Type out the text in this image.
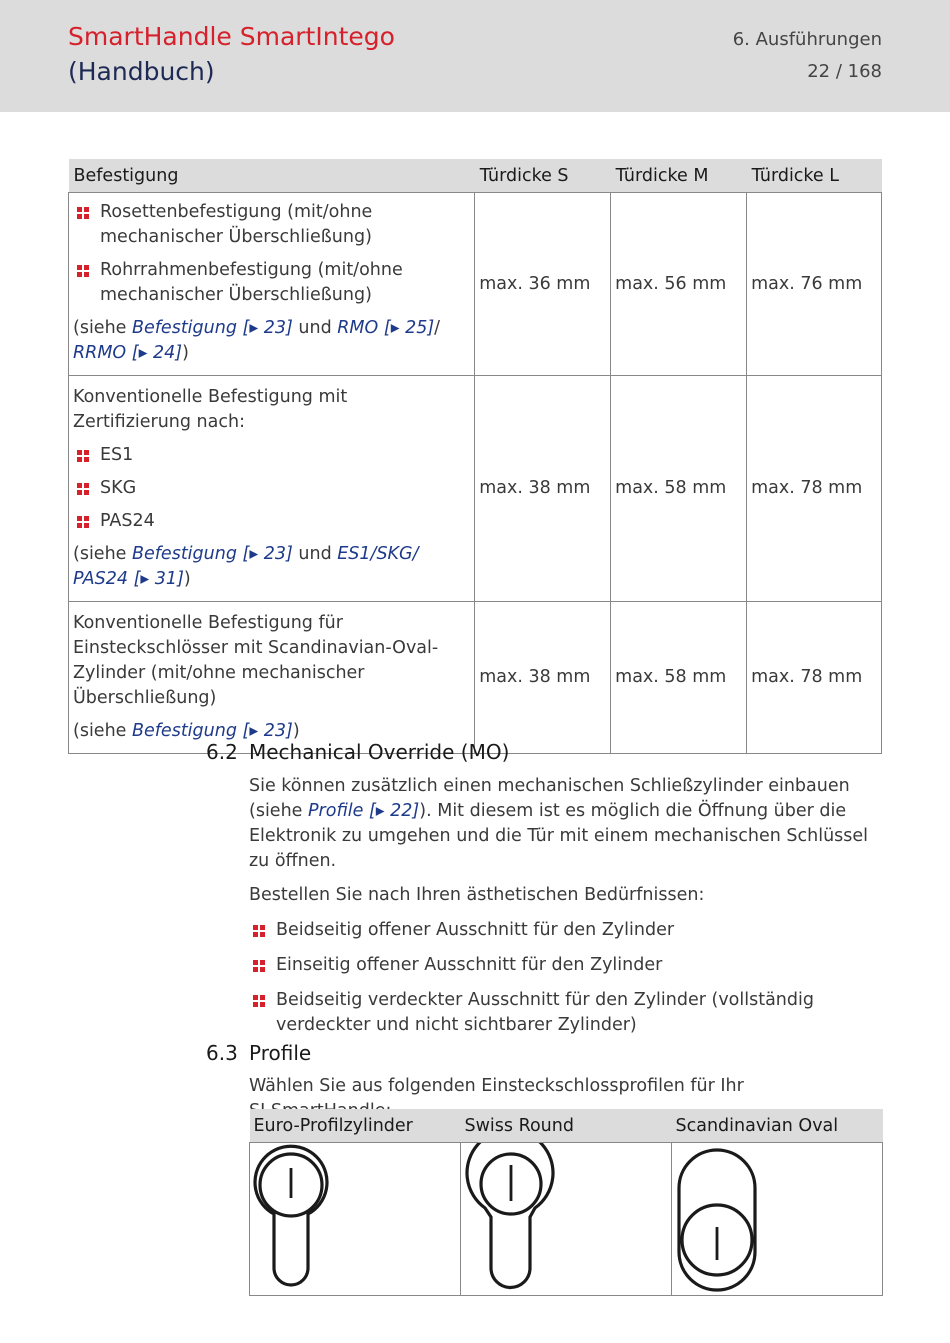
SmartHandle SmartIntego
(Handbuch)
6. Ausführungen
22 / 168
Befestigung	Türdicke S	Türdicke M	Türdicke L

Rosettenbefestigung (mit/ohne mechanischer Überschließung)
Rohrrahmenbefestigung (mit/ohne mechanischer Überschließung)
(siehe Befestigung [▸ 23] und RMO [▸ 25]/ RRMO [▸ 24])	max. 36 mm	max. 56 mm	max. 76 mm

Konventionelle Befestigung mit Zertifizierung nach:
ES1
SKG
PAS24
(siehe Befestigung [▸ 23] und ES1/SKG/ PAS24 [▸ 31])	max. 38 mm	max. 58 mm	max. 78 mm

Konventionelle Befestigung für Einsteckschlösser mit Scandinavian-Oval-Zylinder (mit/ohne mechanischer Überschließung)
(siehe Befestigung [▸ 23])	max. 38 mm	max. 58 mm	max. 78 mm
6.2 Mechanical Override (MO)
Sie können zusätzlich einen mechanischen Schließzylinder einbauen (siehe Profile [▸ 22]). Mit diesem ist es möglich die Öffnung über die Elektronik zu umgehen und die Tür mit einem mechanischen Schlüssel zu öffnen.
Bestellen Sie nach Ihren ästhetischen Bedürfnissen:
Beidseitig offener Ausschnitt für den Zylinder
Einseitig offener Ausschnitt für den Zylinder
Beidseitig verdeckter Ausschnitt für den Zylinder (vollständig verdeckter und nicht sichtbarer Zylinder)
6.3 Profile
Wählen Sie aus folgenden Einsteckschlossprofilen für Ihr
Euro-Profilzylinder	Swiss Round	Scandinavian Oval
